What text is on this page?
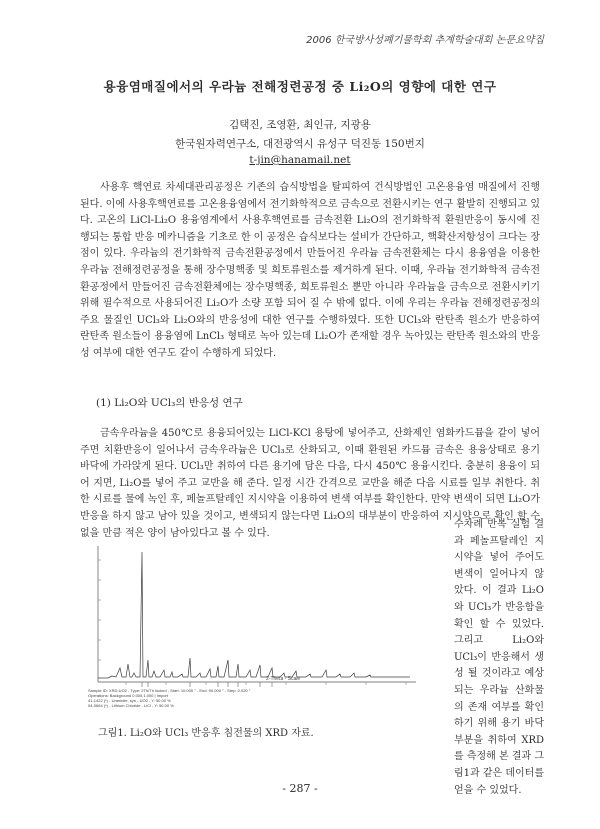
2006 한국방사성폐기물학회 추계학술대회 논문요약집
용융염매질에서의 우라늄 전해정련공정 중 Li₂O의 영향에 대한 연구
김택진, 조영환, 최인규, 지광용
한국원자력연구소, 대전광역시 유성구 덕진동 150번지
t-jin@hanamail.net

사용후 핵연료 차세대관리공정은 기존의 습식방법을 탈피하여 건식방법인 고온용융염 매질에서 진행된다. 이에 사용후핵연료를 고온용융염에서 전기화학적으로 금속으로 전환시키는 연구 활발히 진행되고 있다. 고온의 LiCl-Li₂O 용융염계에서 사용후핵연료를 금속전환 Li₂O의 전기화학적 환원반응이 동시에 진행되는 통합 반응 메카니즘을 기초로 한 이 공정은 습식보다는 설비가 간단하고, 핵확산저항성이 크다는 장점이 있다. 우라늄의 전기화학적 금속전환공정에서 만들어진 우라늄 금속전환체는 다시 용융염을 이용한 우라늄 전해정련공정을 통해 장수명핵종 및 희토류원소를 제거하게 된다. 이때, 우라늄 전기화학적 금속전환공정에서 만들어진 금속전환체에는 장수명핵종, 희토류원소 뿐만 아니라 우라늄을 금속으로 전환시키기 위해 필수적으로 사용되어진 Li₂O가 소량 포함 되어 질 수 밖에 없다. 이에 우리는 우라늄 전해정련공정의 주요 물질인 UCl₃와 Li₂O와의 반응성에 대한 연구를 수행하였다. 또한 UCl₃와 란탄족 원소가 반응하여 란탄족 원소들이 용융염에 LnCl₃ 형태로 녹아 있는데 Li₂O가 존재할 경우 녹아있는 란탄족 원소와의 반응성 여부에 대한 연구도 같이 수행하게 되었다.

(1) Li₂O와 UCl₃의 반응성 연구

금속우라늄을 450℃로 용융되어있는 LiCl-KCl 용탕에 넣어주고, 산화제인 염화카드뮴을 같이 넣어주면 치환반응이 일어나서 금속우라늄은 UCl₃로 산화되고, 이때 환원된 카드뮴 금속은 용융상태로 용기 바닥에 가라앉게 된다. UCl₃만 취하여 다른 용기에 담은 다음, 다시 450℃ 용융시킨다. 충분히 용융이 되어 지면, Li₂O를 넣어 주고 교반을 해 준다. 일정 시간 간격으로 교반을 해준 다음 시료를 일부 취한다. 취한 시료를 물에 녹인 후, 페놀프탈레인 지시약을 이용하여 변색 여부를 확인한다. 만약 변색이 되면 Li₂O가 반응을 하지 않고 남아 있을 것이고, 변색되지 않는다면 Li₂O의 대부분이 반응하여 지시약으로 확인 할 수 없을 만큼 적은 양이 남아있다고 볼 수 있다.

수차례 반복 실험 결과 페놀프탈레인 지시약을 넣어 주어도 변색이 일어나지 않았다. 이 결과 Li₂O와 UCl₃가 반응함을 확인 할 수 있었다. 그리고 Li₂O와 UCl₃이 반응해서 생성 될 것이라고 예상되는 우라늄 산화물의 존재 여부를 확인하기 위해 용기 바닥 부분을 취하여 XRD를 측정해 본 결과 그림1과 같은 데이터를 얻을 수 있었다.

2-Theta - Scale
Sample ID: XRD-UO2 - Type: 2Th/Th locked - Start: 10.000 ° - End: 90.000 ° - Step: 0.020 °
Operations: Background 0.000,1.000 | Import
41-1422 (*) - Uraninite, syn - UO2 - Y: 50.00 %
04-0664 (*) - Lithium Chloride - LiCl - Y: 50.00 %
그림1. Li₂O와 UCl₃ 반응후 침전물의 XRD 자료.
- 287 -
